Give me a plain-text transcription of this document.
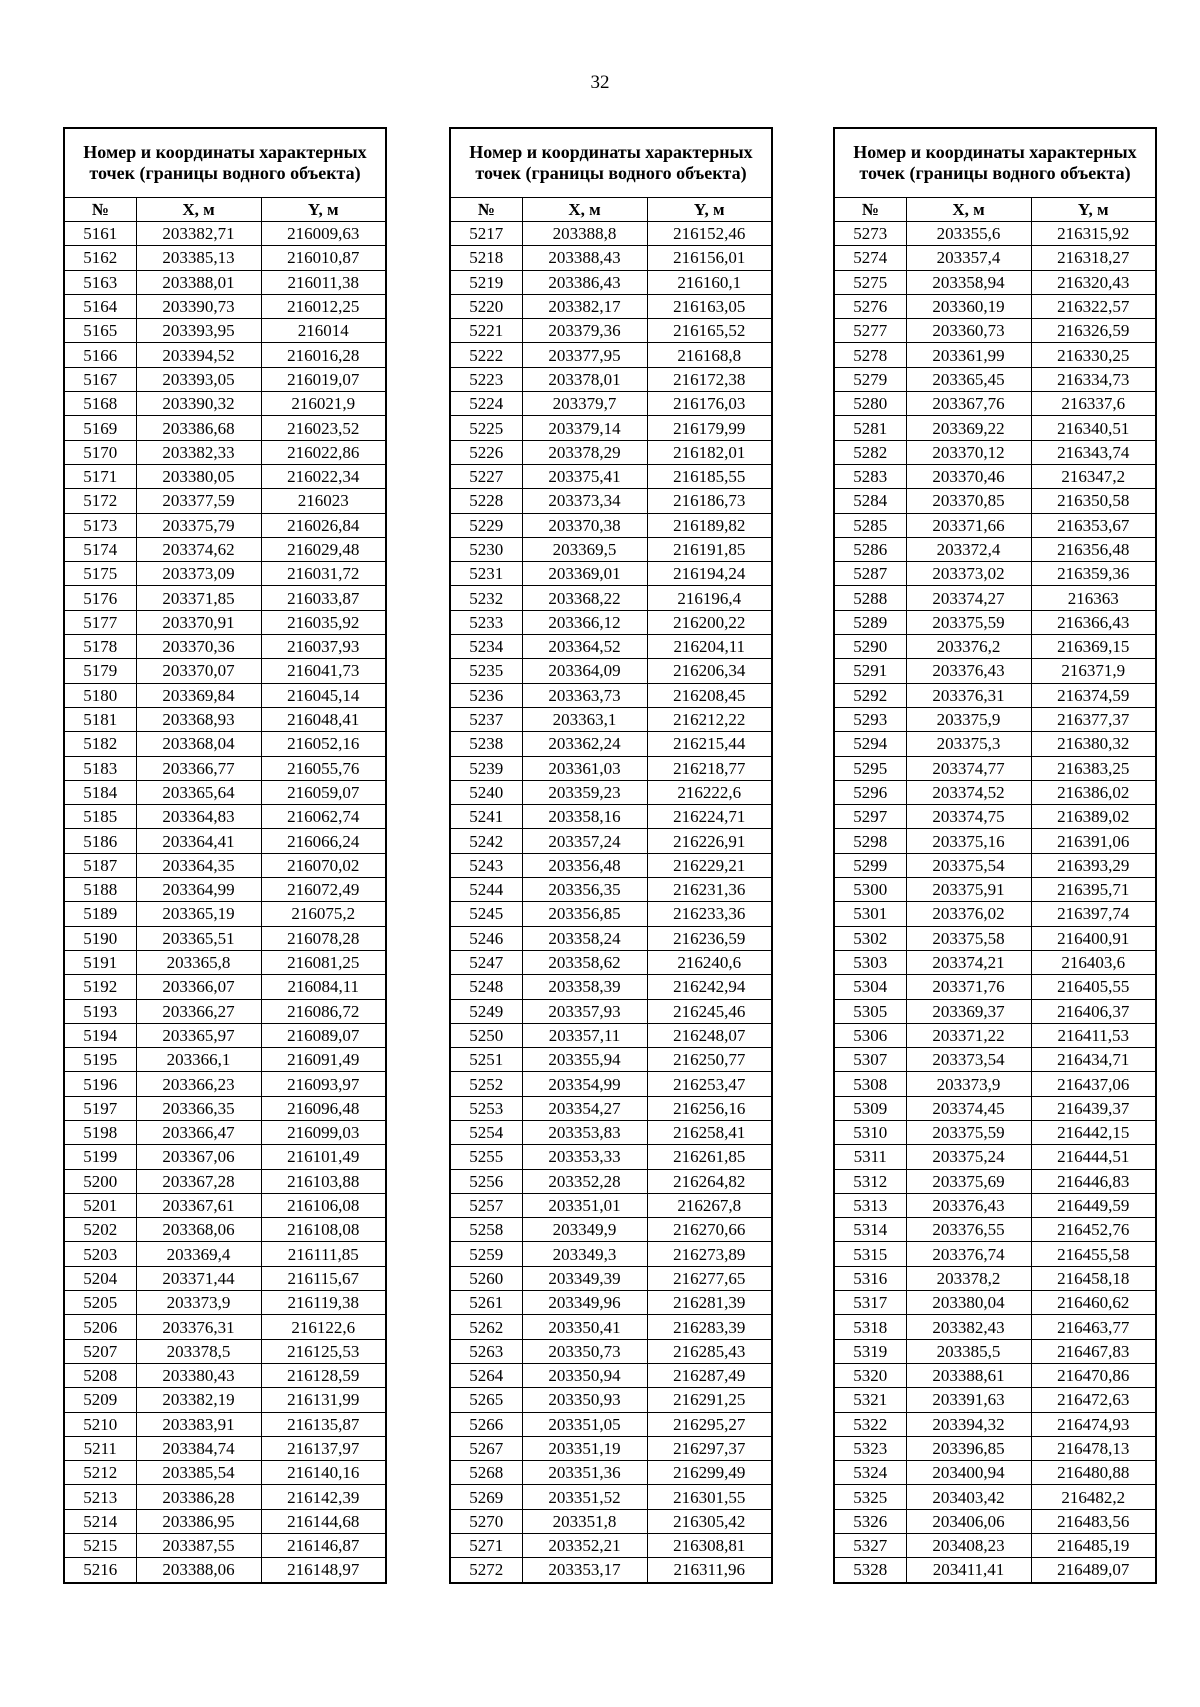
32
Номер и координаты характерных точек (границы водного объекта)		
№	X, м	Y, м
5161	203382,71	216009,63
5162	203385,13	216010,87
5163	203388,01	216011,38
5164	203390,73	216012,25
5165	203393,95	216014
5166	203394,52	216016,28
5167	203393,05	216019,07
5168	203390,32	216021,9
5169	203386,68	216023,52
5170	203382,33	216022,86
5171	203380,05	216022,34
5172	203377,59	216023
5173	203375,79	216026,84
5174	203374,62	216029,48
5175	203373,09	216031,72
5176	203371,85	216033,87
5177	203370,91	216035,92
5178	203370,36	216037,93
5179	203370,07	216041,73
5180	203369,84	216045,14
5181	203368,93	216048,41
5182	203368,04	216052,16
5183	203366,77	216055,76
5184	203365,64	216059,07
5185	203364,83	216062,74
5186	203364,41	216066,24
5187	203364,35	216070,02
5188	203364,99	216072,49
5189	203365,19	216075,2
5190	203365,51	216078,28
5191	203365,8	216081,25
5192	203366,07	216084,11
5193	203366,27	216086,72
5194	203365,97	216089,07
5195	203366,1	216091,49
5196	203366,23	216093,97
5197	203366,35	216096,48
5198	203366,47	216099,03
5199	203367,06	216101,49
5200	203367,28	216103,88
5201	203367,61	216106,08
5202	203368,06	216108,08
5203	203369,4	216111,85
5204	203371,44	216115,67
5205	203373,9	216119,38
5206	203376,31	216122,6
5207	203378,5	216125,53
5208	203380,43	216128,59
5209	203382,19	216131,99
5210	203383,91	216135,87
5211	203384,74	216137,97
5212	203385,54	216140,16
5213	203386,28	216142,39
5214	203386,95	216144,68
5215	203387,55	216146,87
5216	203388,06	216148,97
Номер и координаты характерных точек (границы водного объекта)		
№	X, м	Y, м
5217	203388,8	216152,46
5218	203388,43	216156,01
5219	203386,43	216160,1
5220	203382,17	216163,05
5221	203379,36	216165,52
5222	203377,95	216168,8
5223	203378,01	216172,38
5224	203379,7	216176,03
5225	203379,14	216179,99
5226	203378,29	216182,01
5227	203375,41	216185,55
5228	203373,34	216186,73
5229	203370,38	216189,82
5230	203369,5	216191,85
5231	203369,01	216194,24
5232	203368,22	216196,4
5233	203366,12	216200,22
5234	203364,52	216204,11
5235	203364,09	216206,34
5236	203363,73	216208,45
5237	203363,1	216212,22
5238	203362,24	216215,44
5239	203361,03	216218,77
5240	203359,23	216222,6
5241	203358,16	216224,71
5242	203357,24	216226,91
5243	203356,48	216229,21
5244	203356,35	216231,36
5245	203356,85	216233,36
5246	203358,24	216236,59
5247	203358,62	216240,6
5248	203358,39	216242,94
5249	203357,93	216245,46
5250	203357,11	216248,07
5251	203355,94	216250,77
5252	203354,99	216253,47
5253	203354,27	216256,16
5254	203353,83	216258,41
5255	203353,33	216261,85
5256	203352,28	216264,82
5257	203351,01	216267,8
5258	203349,9	216270,66
5259	203349,3	216273,89
5260	203349,39	216277,65
5261	203349,96	216281,39
5262	203350,41	216283,39
5263	203350,73	216285,43
5264	203350,94	216287,49
5265	203350,93	216291,25
5266	203351,05	216295,27
5267	203351,19	216297,37
5268	203351,36	216299,49
5269	203351,52	216301,55
5270	203351,8	216305,42
5271	203352,21	216308,81
5272	203353,17	216311,96
Номер и координаты характерных точек (границы водного объекта)		
№	X, м	Y, м
5273	203355,6	216315,92
5274	203357,4	216318,27
5275	203358,94	216320,43
5276	203360,19	216322,57
5277	203360,73	216326,59
5278	203361,99	216330,25
5279	203365,45	216334,73
5280	203367,76	216337,6
5281	203369,22	216340,51
5282	203370,12	216343,74
5283	203370,46	216347,2
5284	203370,85	216350,58
5285	203371,66	216353,67
5286	203372,4	216356,48
5287	203373,02	216359,36
5288	203374,27	216363
5289	203375,59	216366,43
5290	203376,2	216369,15
5291	203376,43	216371,9
5292	203376,31	216374,59
5293	203375,9	216377,37
5294	203375,3	216380,32
5295	203374,77	216383,25
5296	203374,52	216386,02
5297	203374,75	216389,02
5298	203375,16	216391,06
5299	203375,54	216393,29
5300	203375,91	216395,71
5301	203376,02	216397,74
5302	203375,58	216400,91
5303	203374,21	216403,6
5304	203371,76	216405,55
5305	203369,37	216406,37
5306	203371,22	216411,53
5307	203373,54	216434,71
5308	203373,9	216437,06
5309	203374,45	216439,37
5310	203375,59	216442,15
5311	203375,24	216444,51
5312	203375,69	216446,83
5313	203376,43	216449,59
5314	203376,55	216452,76
5315	203376,74	216455,58
5316	203378,2	216458,18
5317	203380,04	216460,62
5318	203382,43	216463,77
5319	203385,5	216467,83
5320	203388,61	216470,86
5321	203391,63	216472,63
5322	203394,32	216474,93
5323	203396,85	216478,13
5324	203400,94	216480,88
5325	203403,42	216482,2
5326	203406,06	216483,56
5327	203408,23	216485,19
5328	203411,41	216489,07
